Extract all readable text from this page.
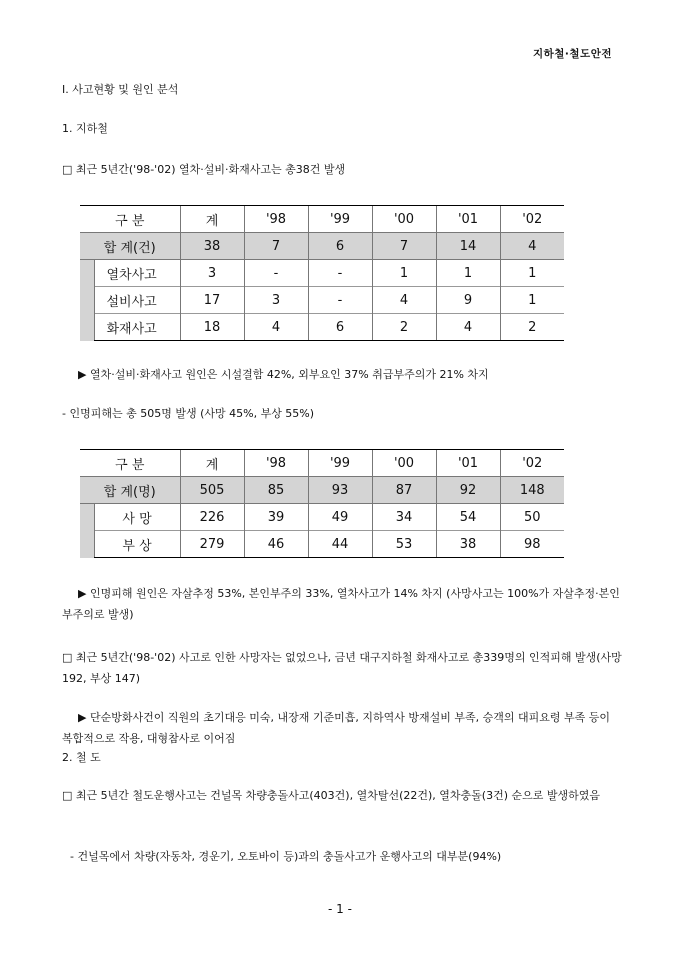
지하철·철도안전
Ⅰ. 사고현황 및 원인 분석
1. 지하철
□ 최근 5년간('98-'02) 열차·설비·화재사고는 총38건 발생
구 분		계	'98	'99	'00	'01	'02
합 계(건)		38	7	6	7	14	4
	열차사고	3	-	-	1	1	1
	설비사고	17	3	-	4	9	1
	화재사고	18	4	6	2	4	2
▶ 열차·설비·화재사고 원인은 시설결함 42%, 외부요인 37% 취급부주의가 21% 차지
- 인명피해는 총 505명 발생 (사망 45%, 부상 55%)
구 분		계	'98	'99	'00	'01	'02
합 계(명)		505	85	93	87	92	148
	사 망	226	39	49	34	54	50
	부 상	279	46	44	53	38	98
▶ 인명피해 원인은 자살추정 53%, 본인부주의 33%, 열차사고가 14% 차지 (사망사고는 100%가 자살추정·본인부주의로 발생)
□ 최근 5년간('98-'02) 사고로 인한 사망자는 없었으나, 금년 대구지하철 화재사고로 총339명의 인적피해 발생(사망 192, 부상 147)
▶ 단순방화사건이 직원의 초기대응 미숙, 내장재 기준미흡, 지하역사 방재설비 부족, 승객의 대피요령 부족 등이 복합적으로 작용, 대형참사로 이어짐
2. 철 도
□ 최근 5년간 철도운행사고는 건널목 차량충돌사고(403건), 열차탈선(22건), 열차충돌(3건) 순으로 발생하였음
- 건널목에서 차량(자동차, 경운기, 오토바이 등)과의 충돌사고가 운행사고의 대부분(94%)
- 1 -
